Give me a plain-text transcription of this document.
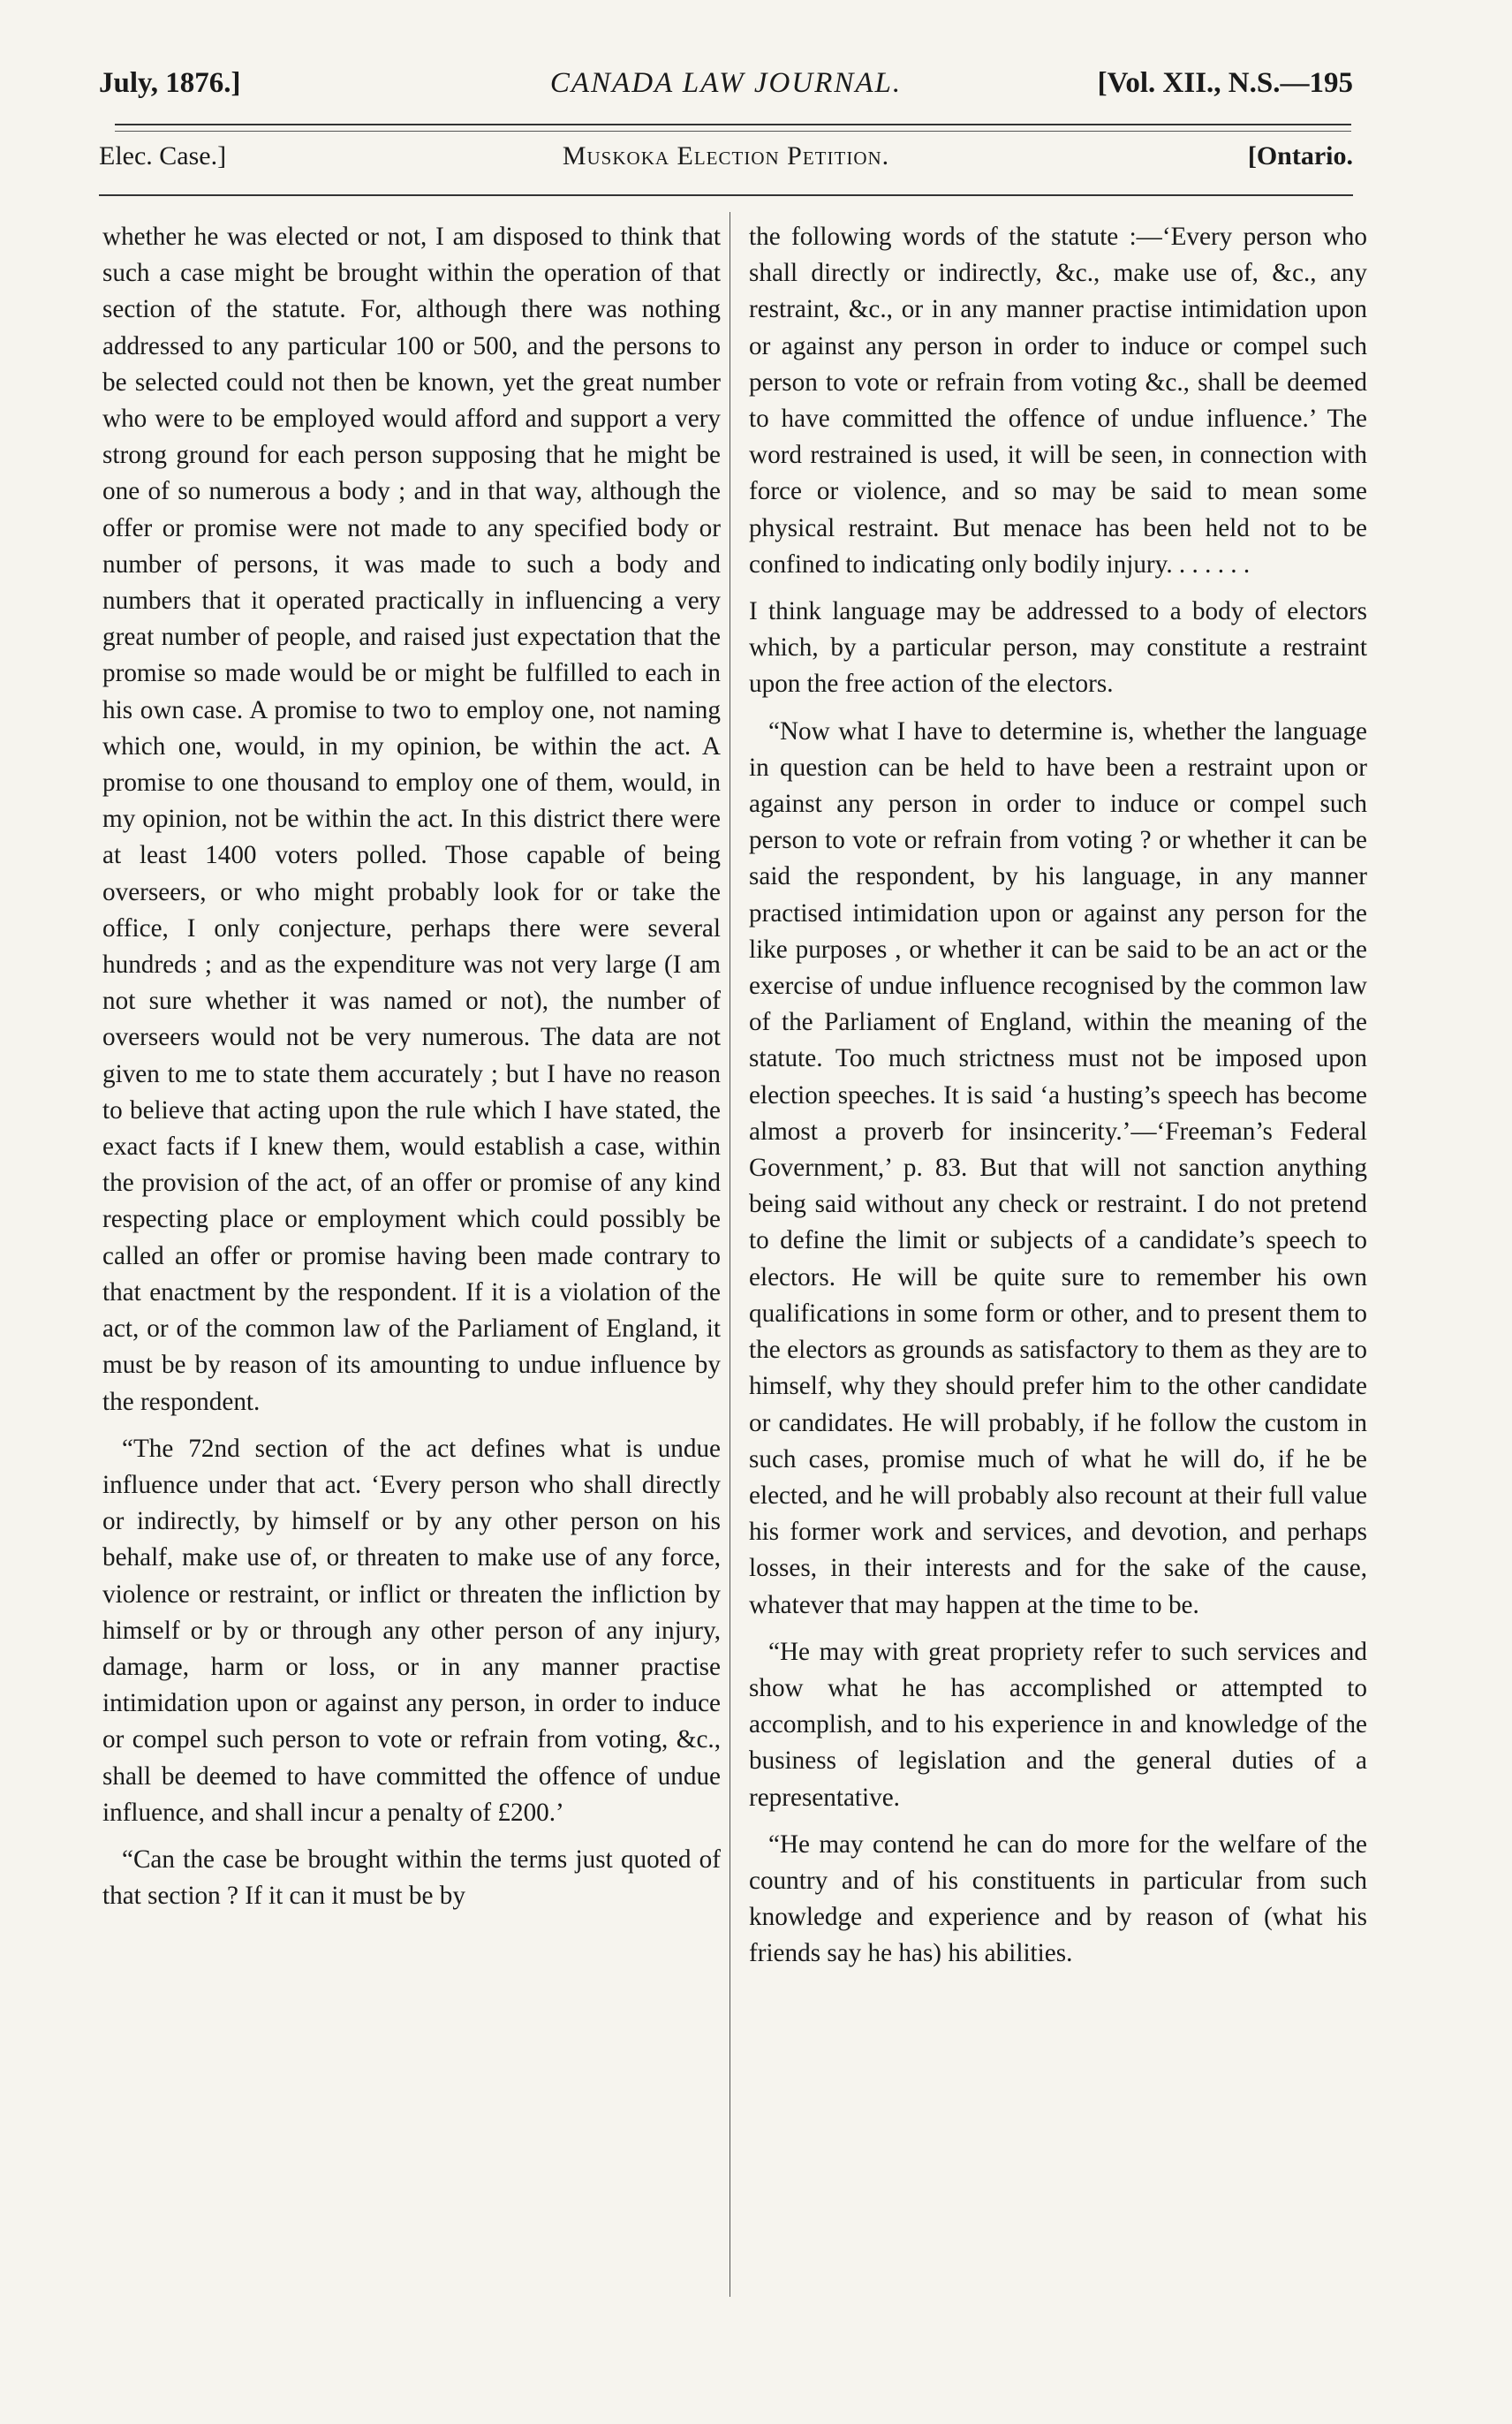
July, 1876.]	CANADA LAW JOURNAL.	[Vol. XII., N.S.—195
Elec. Case.]	Muskoka Election Petition.	[Ontario.

whether he was elected or not, I am disposed to think that such a case might be brought within the operation of that section of the statute. For, although there was nothing addressed to any particular 100 or 500, and the persons to be selected could not then be known, yet the great number who were to be employed would afford and support a very strong ground for each person supposing that he might be one of so numerous a body ; and in that way, although the offer or promise were not made to any specified body or number of persons, it was made to such a body and numbers that it operated practically in influencing a very great number of people, and raised just expectation that the promise so made would be or might be fulfilled to each in his own case. A promise to two to employ one, not naming which one, would, in my opinion, be within the act. A promise to one thousand to employ one of them, would, in my opinion, not be within the act. In this district there were at least 1400 voters polled. Those capable of being overseers, or who might probably look for or take the office, I only conjecture, perhaps there were several hundreds ; and as the expenditure was not very large (I am not sure whether it was named or not), the number of overseers would not be very numerous. The data are not given to me to state them accurately ; but I have no reason to believe that acting upon the rule which I have stated, the exact facts if I knew them, would establish a case, within the provision of the act, of an offer or promise of any kind respecting place or employment which could possibly be called an offer or promise having been made contrary to that enactment by the respondent. If it is a violation of the act, or of the common law of the Parliament of England, it must be by reason of its amounting to undue influence by the respondent.

“The 72nd section of the act defines what is undue influence under that act. ‘Every person who shall directly or indirectly, by himself or by any other person on his behalf, make use of, or threaten to make use of any force, violence or restraint, or inflict or threaten the infliction by himself or by or through any other person of any injury, damage, harm or loss, or in any manner practise intimidation upon or against any person, in order to induce or compel such person to vote or refrain from voting, &c., shall be deemed to have committed the offence of undue influence, and shall incur a penalty of £200.’

“Can the case be brought within the terms just quoted of that section ? If it can it must be by

the following words of the statute :—‘Every person who shall directly or indirectly, &c., make use of, &c., any restraint, &c., or in any manner practise intimidation upon or against any person in order to induce or compel such person to vote or refrain from voting &c., shall be deemed to have committed the offence of undue influence.’ The word restrained is used, it will be seen, in connection with force or violence, and so may be said to mean some physical restraint. But menace has been held not to be confined to indicating only bodily injury. . . . . . .

I think language may be addressed to a body of electors which, by a particular person, may constitute a restraint upon the free action of the electors.

“Now what I have to determine is, whether the language in question can be held to have been a restraint upon or against any person in order to induce or compel such person to vote or refrain from voting ? or whether it can be said the respondent, by his language, in any manner practised intimidation upon or against any person for the like purposes , or whether it can be said to be an act or the exercise of undue influence recognised by the common law of the Parliament of England, within the meaning of the statute. Too much strictness must not be imposed upon election speeches. It is said ‘a husting’s speech has become almost a proverb for insincerity.’—‘Freeman’s Federal Government,’ p. 83. But that will not sanction anything being said without any check or restraint. I do not pretend to define the limit or subjects of a candidate’s speech to electors. He will be quite sure to remember his own qualifications in some form or other, and to present them to the electors as grounds as satisfactory to them as they are to himself, why they should prefer him to the other candidate or candidates. He will probably, if he follow the custom in such cases, promise much of what he will do, if he be elected, and he will probably also recount at their full value his former work and services, and devotion, and perhaps losses, in their interests and for the sake of the cause, whatever that may happen at the time to be.

“He may with great propriety refer to such services and show what he has accomplished or attempted to accomplish, and to his experience in and knowledge of the business of legislation and the general duties of a representative.

“He may contend he can do more for the welfare of the country and of his constituents in particular from such knowledge and experience and by reason of (what his friends say he has) his abilities.
